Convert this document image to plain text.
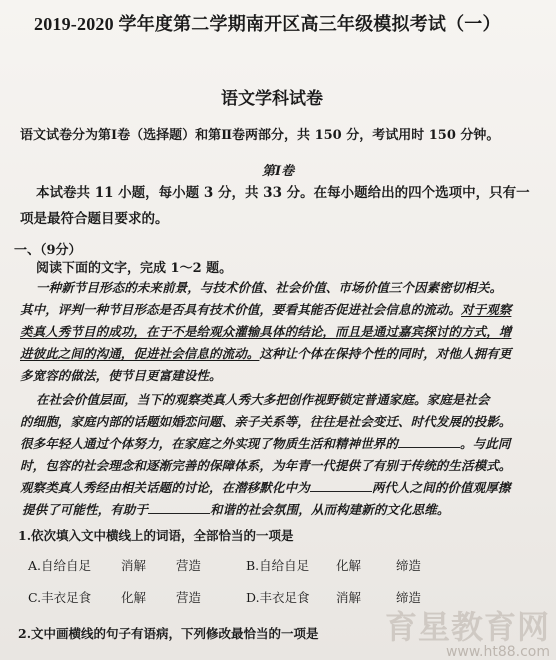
2019-2020 学年度第二学期南开区高三年级模拟考试（一）
语文学科试卷
语文试卷分为第Ⅰ卷（选择题）和第Ⅱ卷两部分，共 150 分，考试用时 150 分钟。
第Ⅰ卷
本试卷共 11 小题，每小题 3 分，共 33 分。在每小题给出的四个选项中，只有一
项是最符合题目要求的。
一、（9分）
阅读下面的文字，完成 1～2 题。
一种新节目形态的未来前景，与技术价值、社会价值、市场价值三个因素密切相关。
其中，评判一种节目形态是否具有技术价值，要看其能否促进社会信息的流动。对于观察
类真人秀节目的成功，在于不是给观众灌输具体的结论，而且是通过嘉宾探讨的方式，增
进彼此之间的沟通，促进社会信息的流动。这种让个体在保持个性的同时，对他人拥有更
多宽容的做法，使节目更富建设性。
在社会价值层面，当下的观察类真人秀大多把创作视野锁定普通家庭。家庭是社会
的细胞，家庭内部的话题如婚恋问题、亲子关系等，往往是社会变迁、时代发展的投影。
很多年轻人通过个体努力，在家庭之外实现了物质生活和精神世界的	。与此同
时，包容的社会理念和逐渐完善的保障体系，为年青一代提供了有别于传统的生活模式。
观察类真人秀经由相关话题的讨论，在潜移默化中为	两代人之间的价值观厚擦
提供了可能性，有助于	和谐的社会氛围，从而构建新的文化思维。
1.依次填入文中横线上的词语，全部恰当的一项是
A.自给自足 消解 营造	B.自给自足 化解	缔造
C.丰衣足食 化解 营造	D.丰衣足食 消解	缔造
2.文中画横线的句子有语病，下列修改最恰当的一项是 育星教育网
www.ht88.com
